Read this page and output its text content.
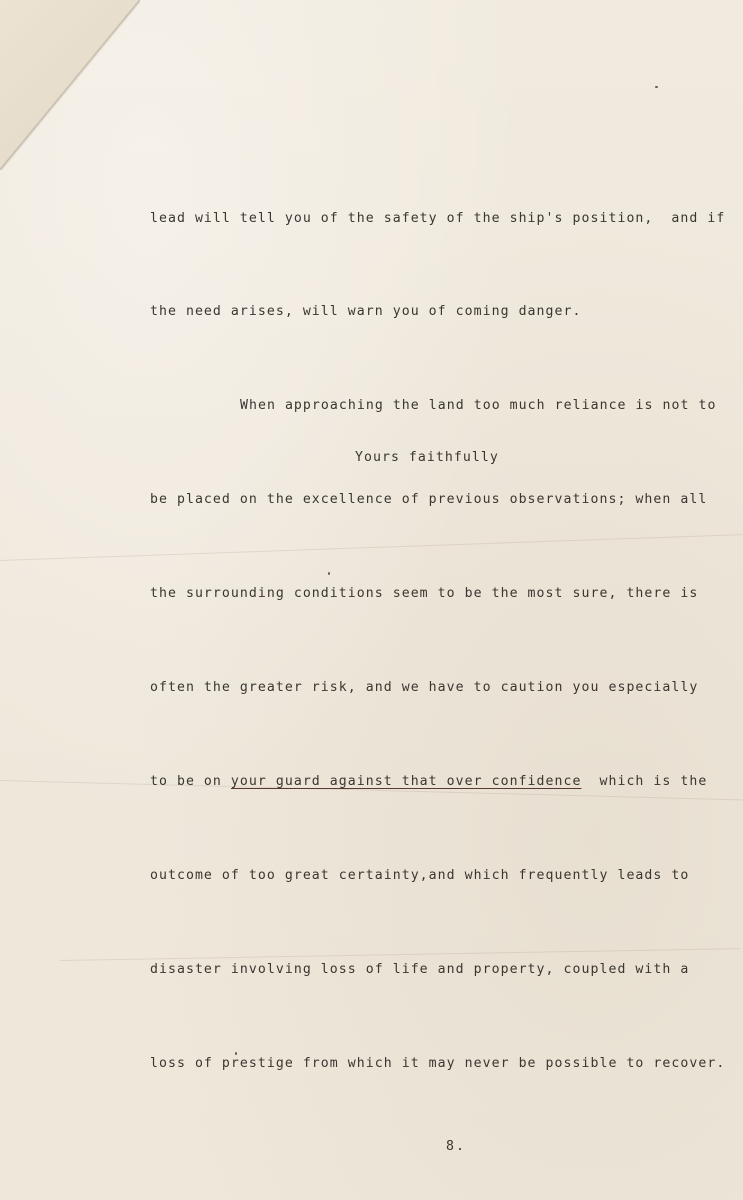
lead will tell you of the safety of the ship's position,  and if

the need arises, will warn you of coming danger.

When approaching the land too much reliance is not to

be placed on the excellence of previous observations; when all

the surrounding conditions seem to be the most sure, there is

often the greater risk, and we have to caution you especially

to be on your guard against that over confidence  which is the

outcome of too great certainty,and which frequently leads to

disaster involving loss of life and property, coupled with a

loss of prestige from which it may never be possible to recover.

Yours faithfully
8.
